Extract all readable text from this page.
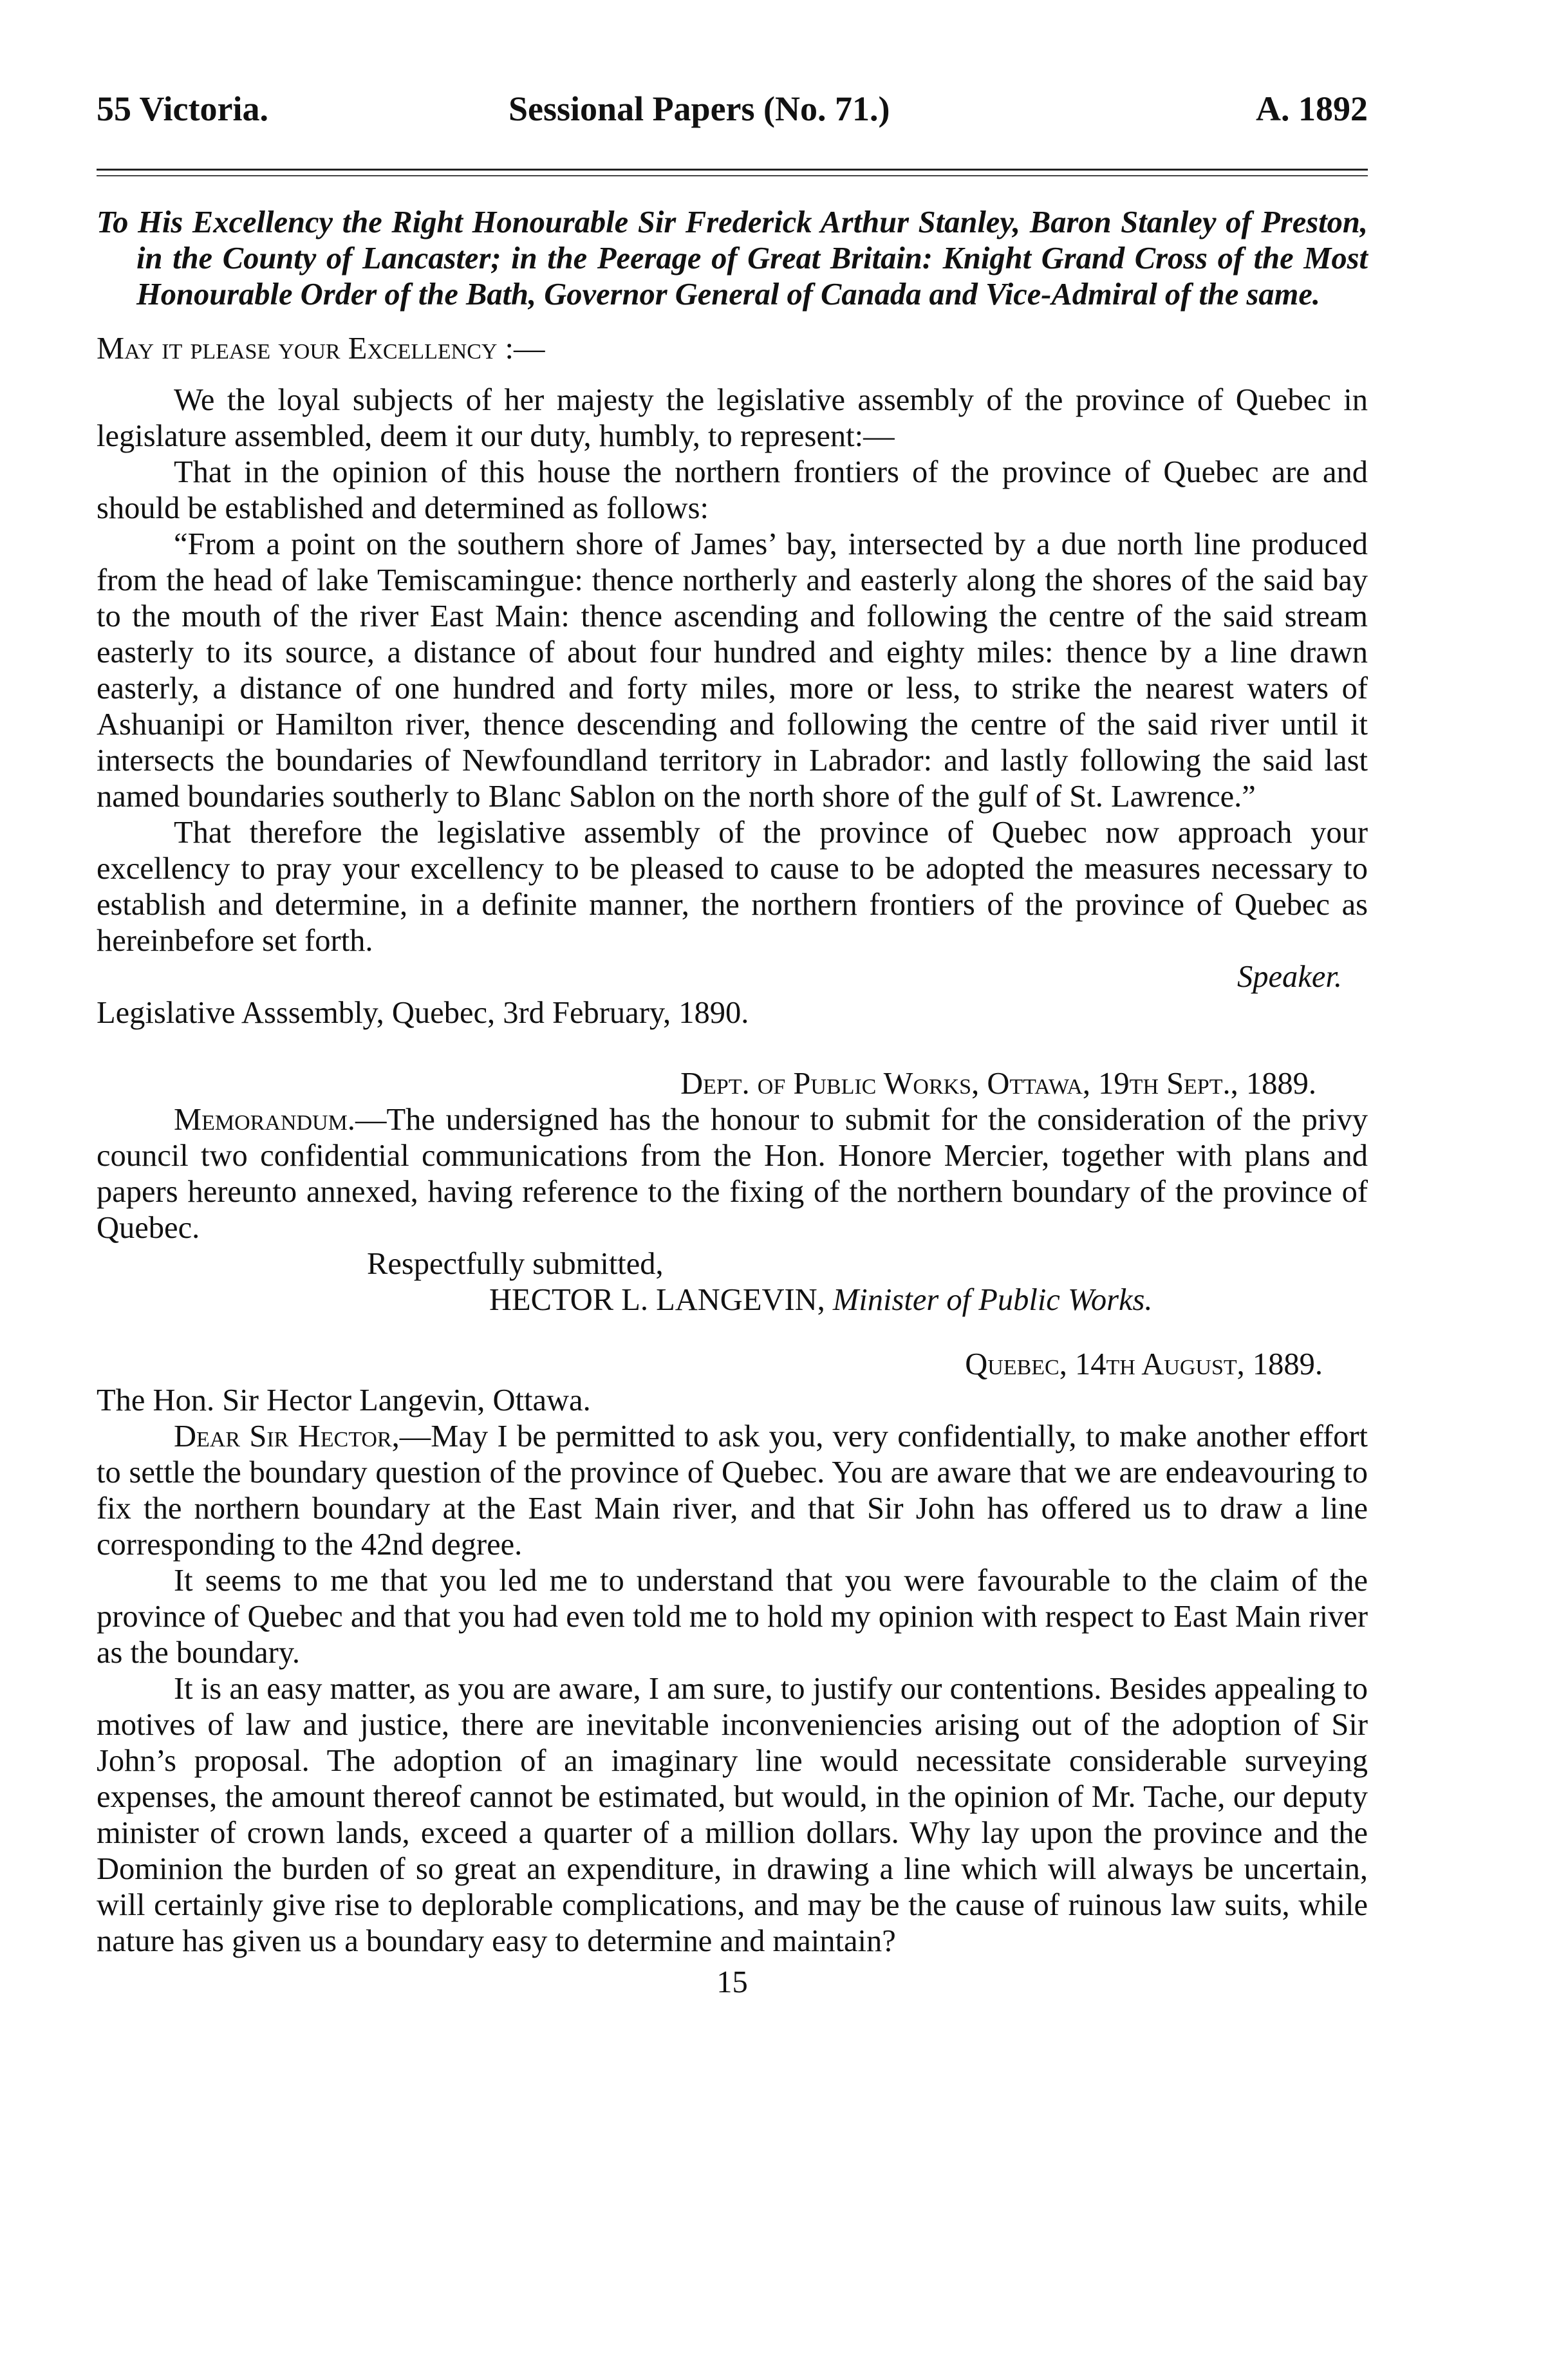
55 Victoria.	Sessional Papers (No. 71.)	A. 1892

To His Excellency the Right Honourable Sir Frederick Arthur Stanley, Baron Stanley of Preston, in the County of Lancaster; in the Peerage of Great Britain: Knight Grand Cross of the Most Honourable Order of the Bath, Governor General of Canada and Vice-Admiral of the same.

May it please your Excellency :—

We the loyal subjects of her majesty the legislative assembly of the province of Quebec in legislature assembled, deem it our duty, humbly, to represent:—

That in the opinion of this house the northern frontiers of the province of Quebec are and should be established and determined as follows:

“From a point on the southern shore of James’ bay, intersected by a due north line produced from the head of lake Temiscamingue: thence northerly and easterly along the shores of the said bay to the mouth of the river East Main: thence ascending and following the centre of the said stream easterly to its source, a distance of about four hundred and eighty miles: thence by a line drawn easterly, a distance of one hundred and forty miles, more or less, to strike the nearest waters of Ashuanipi or Hamilton river, thence descending and following the centre of the said river until it intersects the boundaries of Newfoundland territory in Labrador: and lastly following the said last named boundaries southerly to Blanc Sablon on the north shore of the gulf of St. Lawrence.”

That therefore the legislative assembly of the province of Quebec now approach your excellency to pray your excellency to be pleased to cause to be adopted the measures necessary to establish and determine, in a definite manner, the northern frontiers of the province of Quebec as hereinbefore set forth.

Speaker.

Legislative Asssembly, Quebec, 3rd February, 1890.

Dept. of Public Works, Ottawa, 19th Sept., 1889.

Memorandum.—The undersigned has the honour to submit for the consideration of the privy council two confidential communications from the Hon. Honore Mercier, together with plans and papers hereunto annexed, having reference to the fixing of the northern boundary of the province of Quebec.

Respectfully submitted,

HECTOR L. LANGEVIN, Minister of Public Works.

Quebec, 14th August, 1889.

The Hon. Sir Hector Langevin, Ottawa.

Dear Sir Hector,—May I be permitted to ask you, very confidentially, to make another effort to settle the boundary question of the province of Quebec. You are aware that we are endeavouring to fix the northern boundary at the East Main river, and that Sir John has offered us to draw a line corresponding to the 42nd degree.

It seems to me that you led me to understand that you were favourable to the claim of the province of Quebec and that you had even told me to hold my opinion with respect to East Main river as the boundary.

It is an easy matter, as you are aware, I am sure, to justify our contentions. Besides appealing to motives of law and justice, there are inevitable inconveniencies arising out of the adoption of Sir John’s proposal. The adoption of an imaginary line would necessitate considerable surveying expenses, the amount thereof cannot be estimated, but would, in the opinion of Mr. Tache, our deputy minister of crown lands, exceed a quarter of a million dollars. Why lay upon the province and the Dominion the burden of so great an expenditure, in drawing a line which will always be uncertain, will certainly give rise to deplorable complications, and may be the cause of ruinous law suits, while nature has given us a boundary easy to determine and maintain?

15
